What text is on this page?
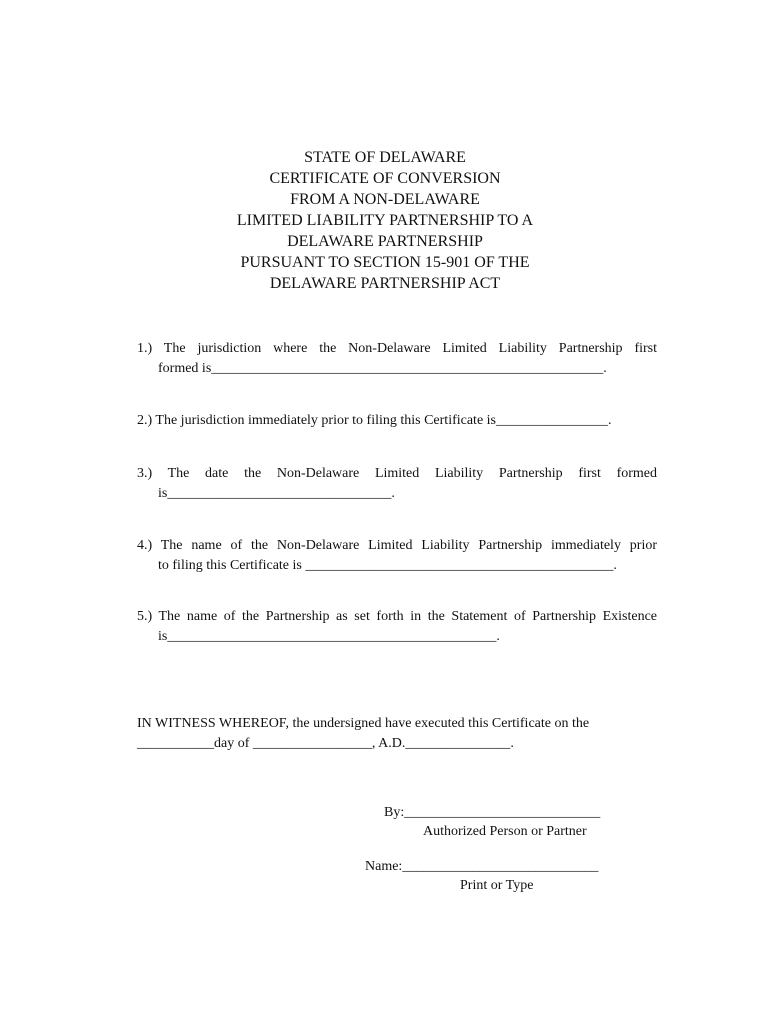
STATE OF DELAWARE
CERTIFICATE OF CONVERSION
FROM A NON-DELAWARE
LIMITED LIABILITY PARTNERSHIP TO A
DELAWARE PARTNERSHIP
PURSUANT TO SECTION 15-901 OF THE
DELAWARE PARTNERSHIP ACT
1.) The jurisdiction where the Non-Delaware Limited Liability Partnership first
formed is________________________________________________________.
2.) The jurisdiction immediately prior to filing this Certificate is________________.
3.) The date the Non-Delaware Limited Liability Partnership first formed
is________________________________.
4.) The name of the Non-Delaware Limited Liability Partnership immediately prior
to filing this Certificate is ____________________________________________.
5.) The name of the Partnership as set forth in the Statement of Partnership Existence
is_______________________________________________.
IN WITNESS WHEREOF, the undersigned have executed this Certificate on the
___________day of _________________, A.D._______________.
By:____________________________
Authorized Person or Partner
Name:____________________________
Print or Type
